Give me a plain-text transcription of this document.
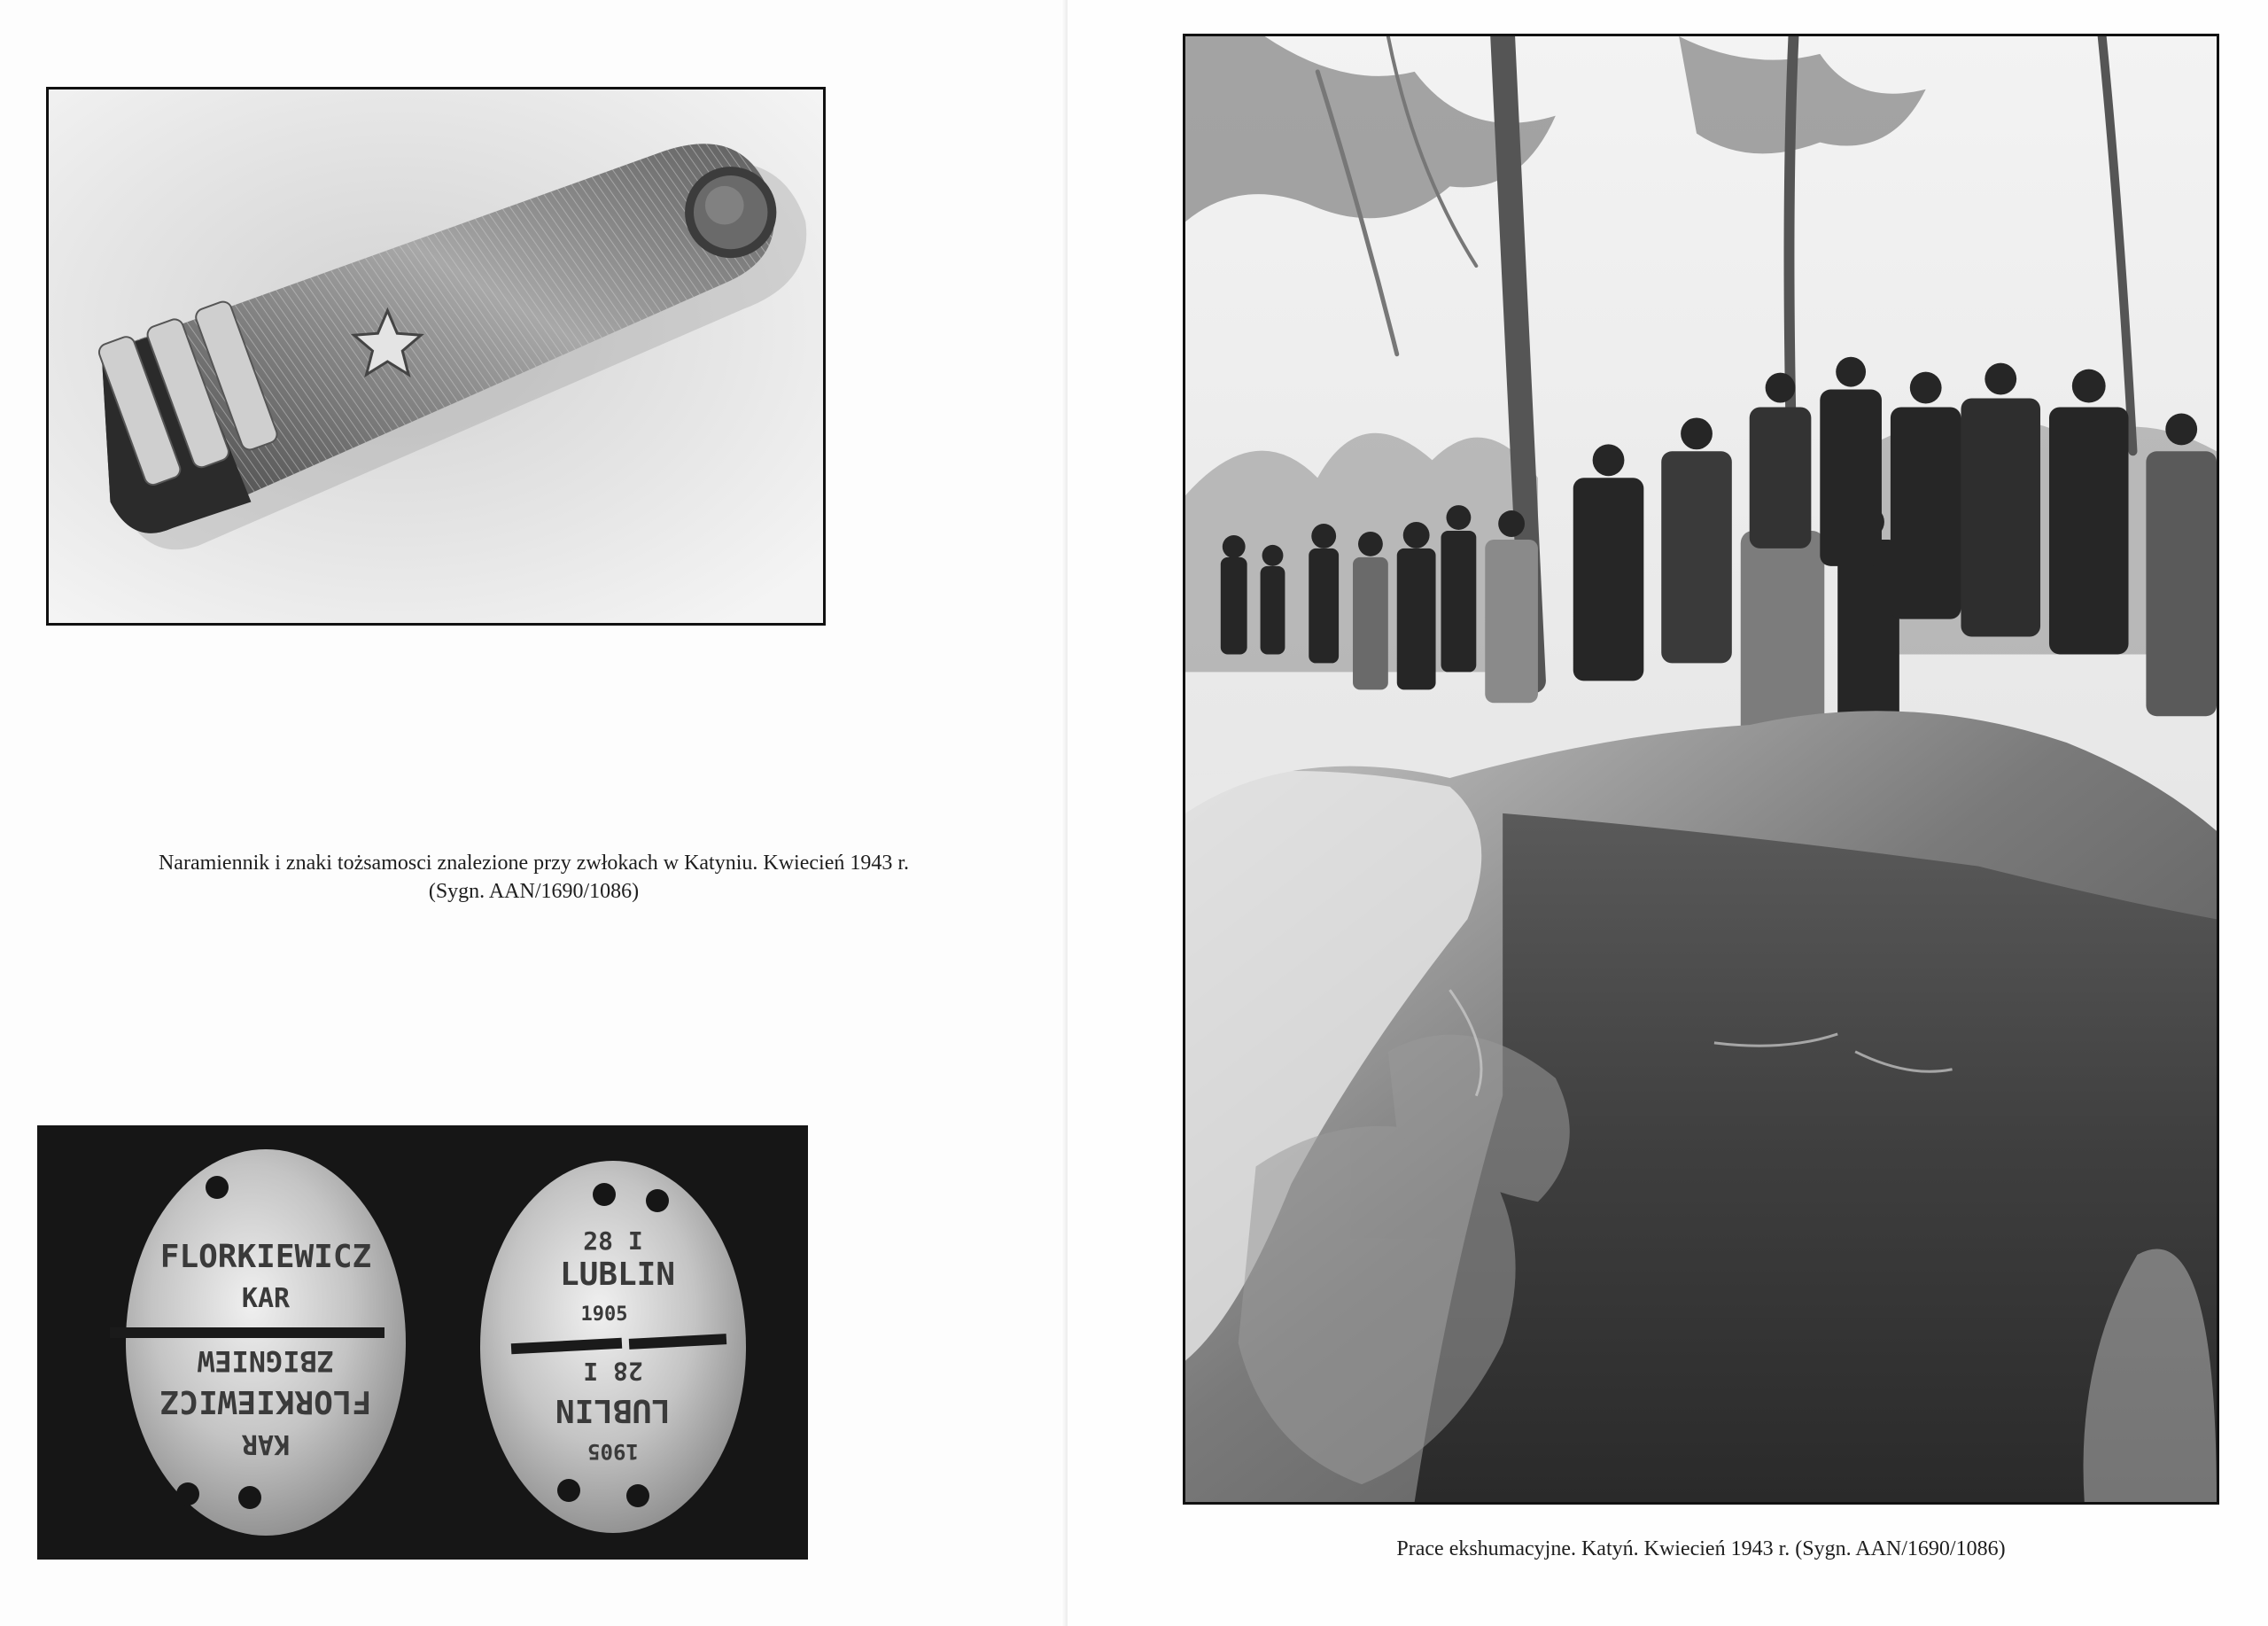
Naramiennik i znaki tożsamosci znalezione przy zwłokach w Katyniu. Kwiecień 1943 r.
(Sygn. AAN/1690/1086)
FLORKIEWICZ
KAR
KAR
FLORKIEWICZ
ZBIGNIEW
28 I
LUBLIN
1905
1905
LUBLIN
28 I
Prace ekshumacyjne. Katyń. Kwiecień 1943 r. (Sygn. AAN/1690/1086)
